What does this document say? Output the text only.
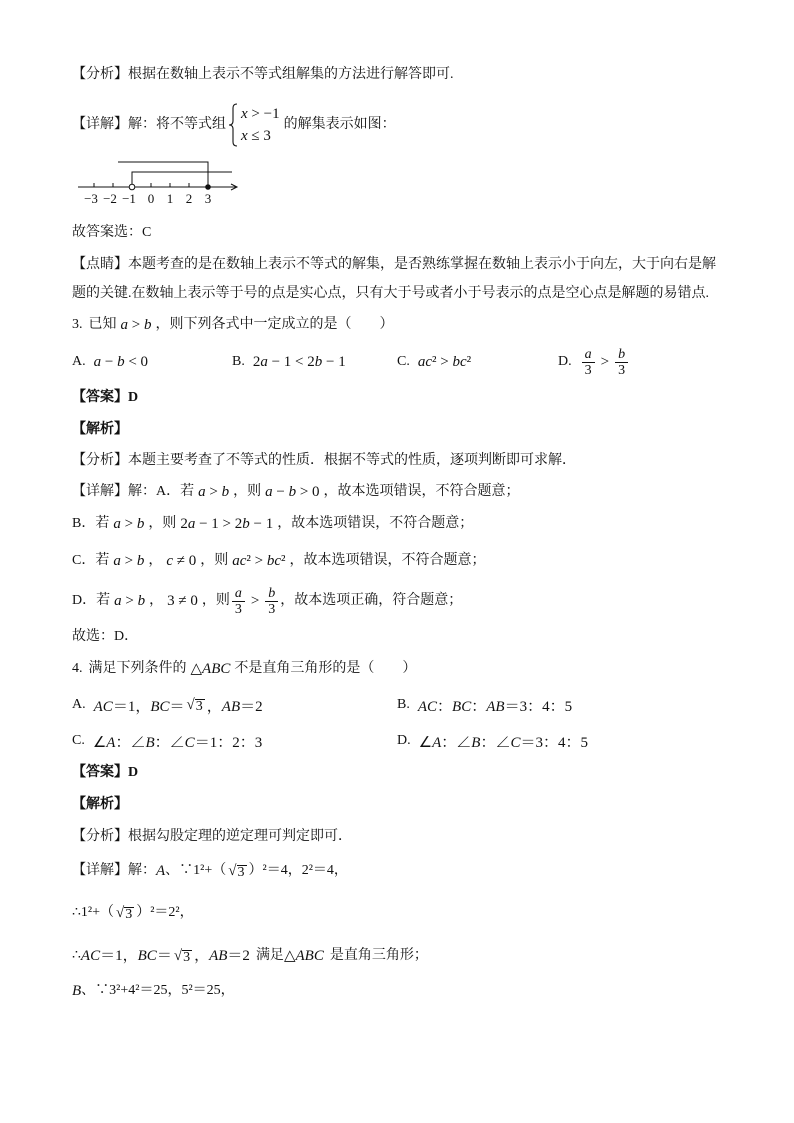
【分析】 根据在数轴上表示不等式组解集的方法进行解答即可.
【详解】 解：将不等式组
x > −1
x ≤ 3
的解集表示如图：
−3 −2 −1 0 1 2 3
故答案选：C
【点睛】 本题考查的是在数轴上表示不等式的解集，是否熟练掌握在数轴上表示小于向左，大于向右是解
题的关键.在数轴上表示等于号的点是实心点，只有大于号或者小于号表示的点是空心点是解题的易错点.
3. 已知 a > b ，则下列各式中一定成立的是（　　）
A. a − b < 0	B. 2a − 1 < 2b − 1	C. ac² > bc²	D. $\frac{a}{3} > \frac{b}{3}$
【答案】 D
【解析】
【分析】 本题主要考查了不等式的性质．根据不等式的性质，逐项判断即可求解．
【详解】 解：A．若 a > b ，则 a − b > 0 ，故本选项错误，不符合题意；
B．若 a > b ，则 2a − 1 > 2b − 1 ，故本选项错误，不符合题意；
C．若 a > b ， c ≠ 0 ，则 ac² > bc² ，故本选项错误，不符合题意；
D．若 a > b ， 3 ≠ 0 ，则 $\frac{a}{3} > \frac{b}{3}$ ，故本选项正确，符合题意；
故选：D．
4. 满足下列条件的 △ABC 不是直角三角形的是（　　）
A. AC＝1，BC＝ √ 3 ，AB＝2	B. AC：BC：AB＝3：4：5
C. ∠A：∠B：∠C＝1：2：3	D. ∠A：∠B：∠C＝3：4：5
【答案】 D
【解析】
【分析】 根据勾股定理的逆定理可判定即可．
【详解】 解： A 、∵1²+（ √ 3 ）²＝4，2²＝4，
∴1²+（ √ 3 ）²＝2²，
∴ AC＝1，BC＝ √ 3 ，AB＝2 满足 △ABC 是直角三角形；
B 、∵3²+4²＝25，5²＝25，
